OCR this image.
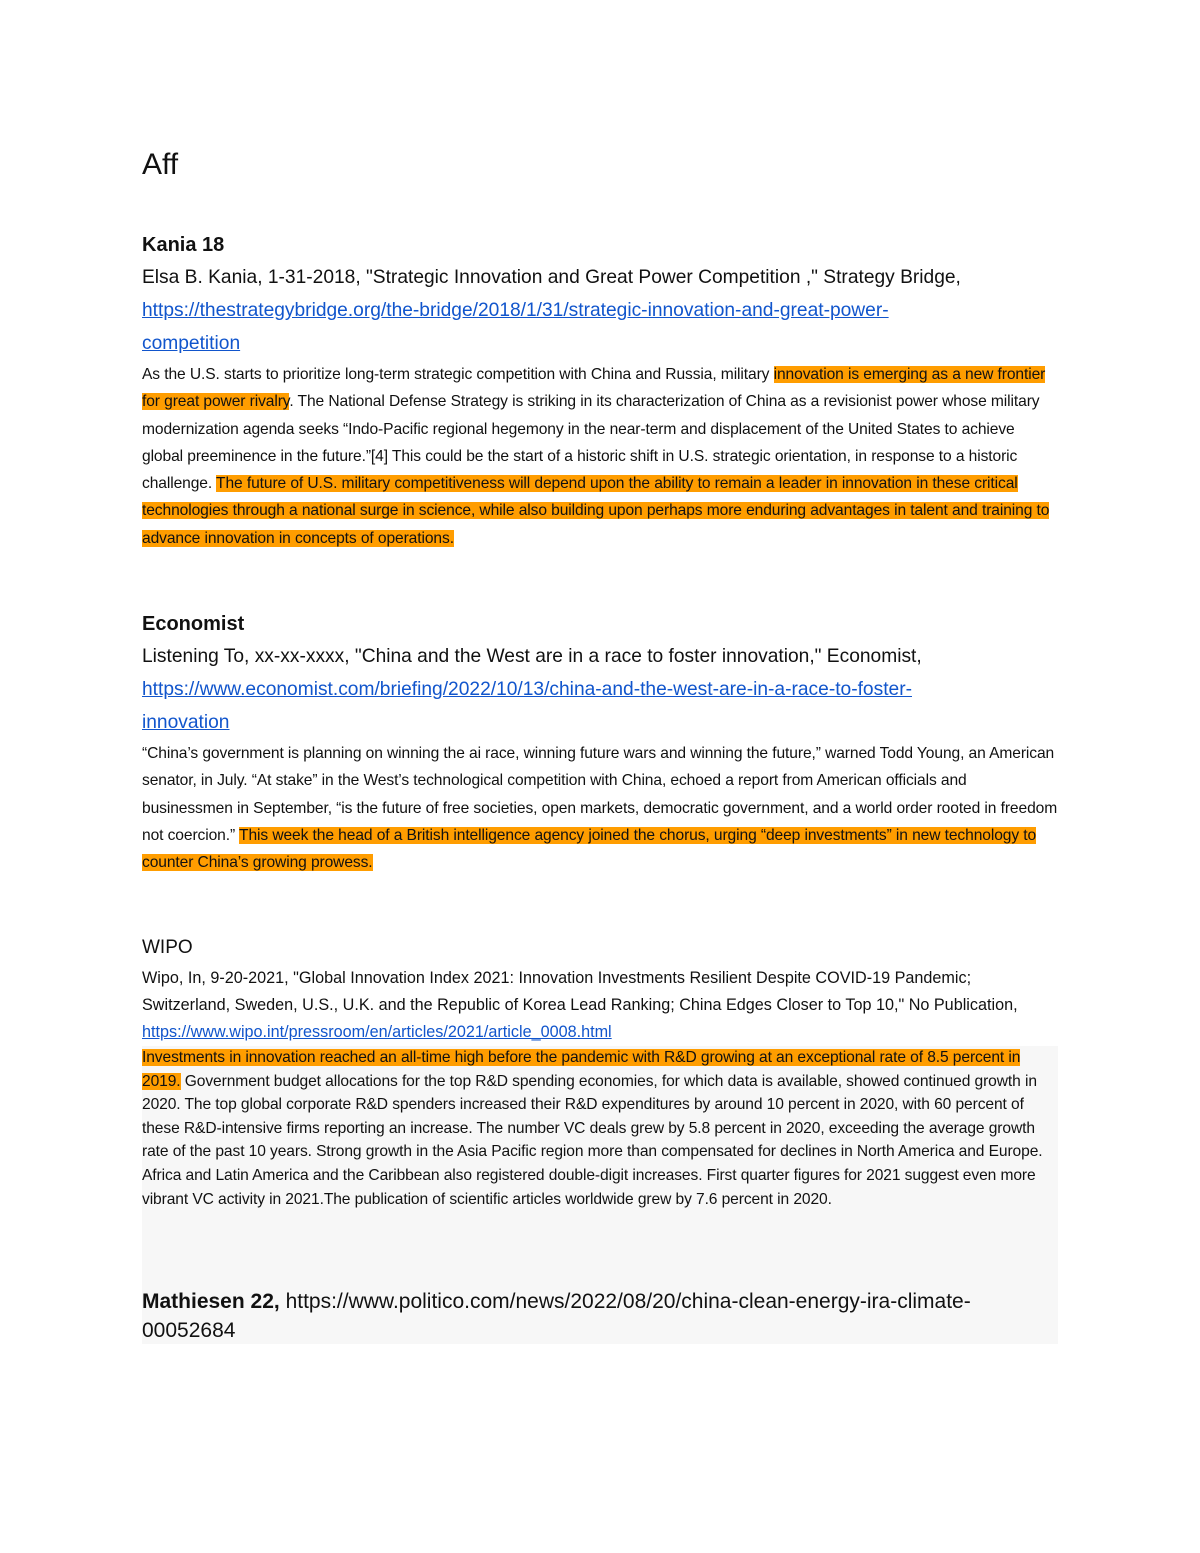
Aff
Kania 18

Elsa B. Kania, 1-31-2018, "Strategic Innovation and Great Power Competition ," Strategy Bridge,
https://thestrategybridge.org/the-bridge/2018/1/31/strategic-innovation-and-great-power-
competition

As the U.S. starts to prioritize long-term strategic competition with China and Russia, military innovation is emerging as a new frontier for great power rivalry. The National Defense Strategy is striking in its characterization of China as a revisionist power whose military modernization agenda seeks “Indo-Pacific regional hegemony in the near-term and displacement of the United States to achieve global preeminence in the future.”[4] This could be the start of a historic shift in U.S. strategic orientation, in response to a historic challenge. The future of U.S. military competitiveness will depend upon the ability to remain a leader in innovation in these critical technologies through a national surge in science, while also building upon perhaps more enduring advantages in talent and training to advance innovation in concepts of operations.

Economist

Listening To, xx-xx-xxxx, "China and the West are in a race to foster innovation," Economist,
https://www.economist.com/briefing/2022/10/13/china-and-the-west-are-in-a-race-to-foster-
innovation

“China’s government is planning on winning the ai race, winning future wars and winning the future,” warned Todd Young, an American senator, in July. “At stake” in the West’s technological competition with China, echoed a report from American officials and businessmen in September, “is the future of free societies, open markets, democratic government, and a world order rooted in freedom not coercion.” This week the head of a British intelligence agency joined the chorus, urging “deep investments” in new technology to counter China’s growing prowess.

WIPO

Wipo, In, 9-20-2021, "Global Innovation Index 2021: Innovation Investments Resilient Despite COVID-19 Pandemic; Switzerland, Sweden, U.S., U.K. and the Republic of Korea Lead Ranking; China Edges Closer to Top 10," No Publication, https://www.wipo.int/pressroom/en/articles/2021/article_0008.html

Investments in innovation reached an all-time high before the pandemic with R&D growing at an exceptional rate of 8.5 percent in 2019. Government budget allocations for the top R&D spending economies, for which data is available, showed continued growth in 2020. The top global corporate R&D spenders increased their R&D expenditures by around 10 percent in 2020, with 60 percent of these R&D-intensive firms reporting an increase. The number VC deals grew by 5.8 percent in 2020, exceeding the average growth rate of the past 10 years. Strong growth in the Asia Pacific region more than compensated for declines in North America and Europe. Africa and Latin America and the Caribbean also registered double-digit increases. First quarter figures for 2021 suggest even more vibrant VC activity in 2021.The publication of scientific articles worldwide grew by 7.6 percent in 2020.

Mathiesen 22, https://www.politico.com/news/2022/08/20/china-clean-energy-ira-climate-00052684
